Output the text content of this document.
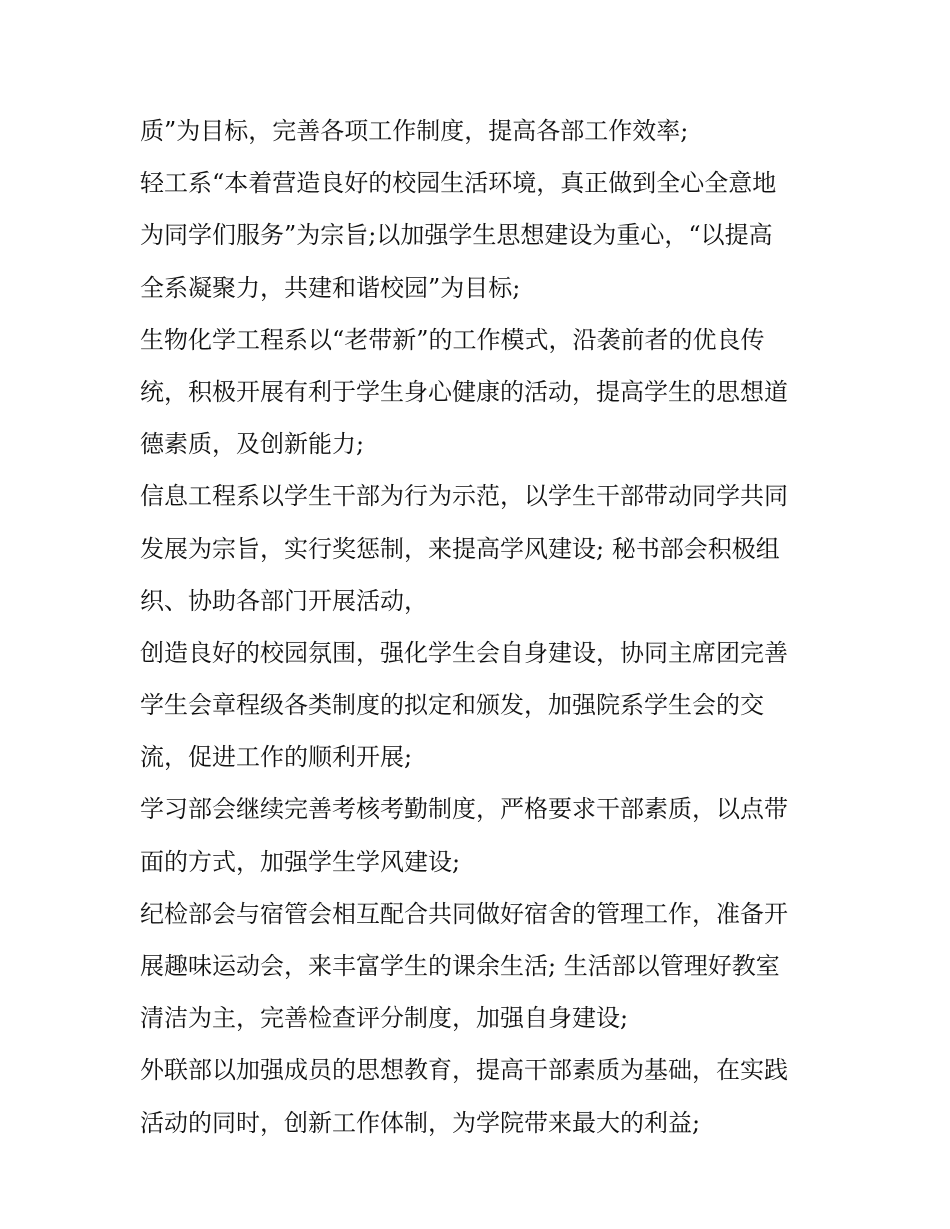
质”为目标，完善各项工作制度，提高各部工作效率;
轻工系“本着营造良好的校园生活环境，真正做到全心全意地
为同学们服务”为宗旨;以加强学生思想建设为重心，“以提高
全系凝聚力，共建和谐校园”为目标;
生物化学工程系以“老带新”的工作模式，沿袭前者的优良传
统，积极开展有利于学生身心健康的活动，提高学生的思想道
德素质，及创新能力;
信息工程系以学生干部为行为示范，以学生干部带动同学共同
发展为宗旨，实行奖惩制，来提高学风建设; 秘书部会积极组
织、协助各部门开展活动，
创造良好的校园氛围，强化学生会自身建设，协同主席团完善
学生会章程级各类制度的拟定和颁发，加强院系学生会的交
流，促进工作的顺利开展;
学习部会继续完善考核考勤制度，严格要求干部素质，以点带
面的方式，加强学生学风建设;
纪检部会与宿管会相互配合共同做好宿舍的管理工作，准备开
展趣味运动会，来丰富学生的课余生活; 生活部以管理好教室
清洁为主，完善检查评分制度，加强自身建设;
外联部以加强成员的思想教育，提高干部素质为基础，在实践
活动的同时，创新工作体制，为学院带来最大的利益;
